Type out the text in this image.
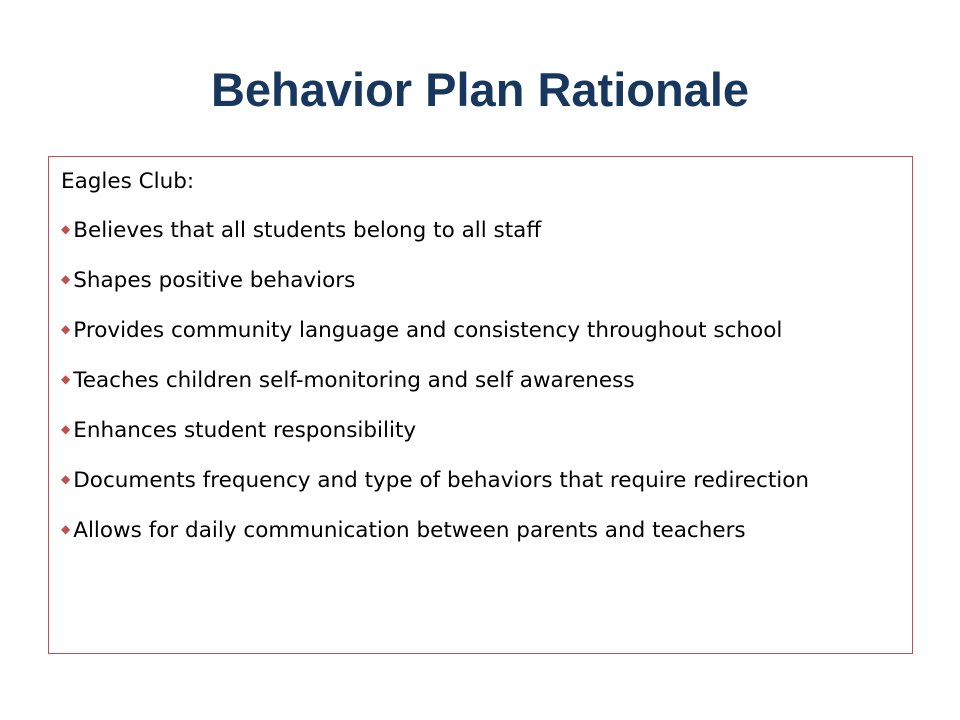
Behavior Plan Rationale
Eagles Club:
◆ Believes that all students belong to all staff
◆ Shapes positive behaviors
◆ Provides community language and consistency throughout school
◆ Teaches children self-monitoring and self awareness
◆ Enhances student responsibility
◆ Documents frequency and type of behaviors that require redirection
◆ Allows for daily communication between parents and teachers
